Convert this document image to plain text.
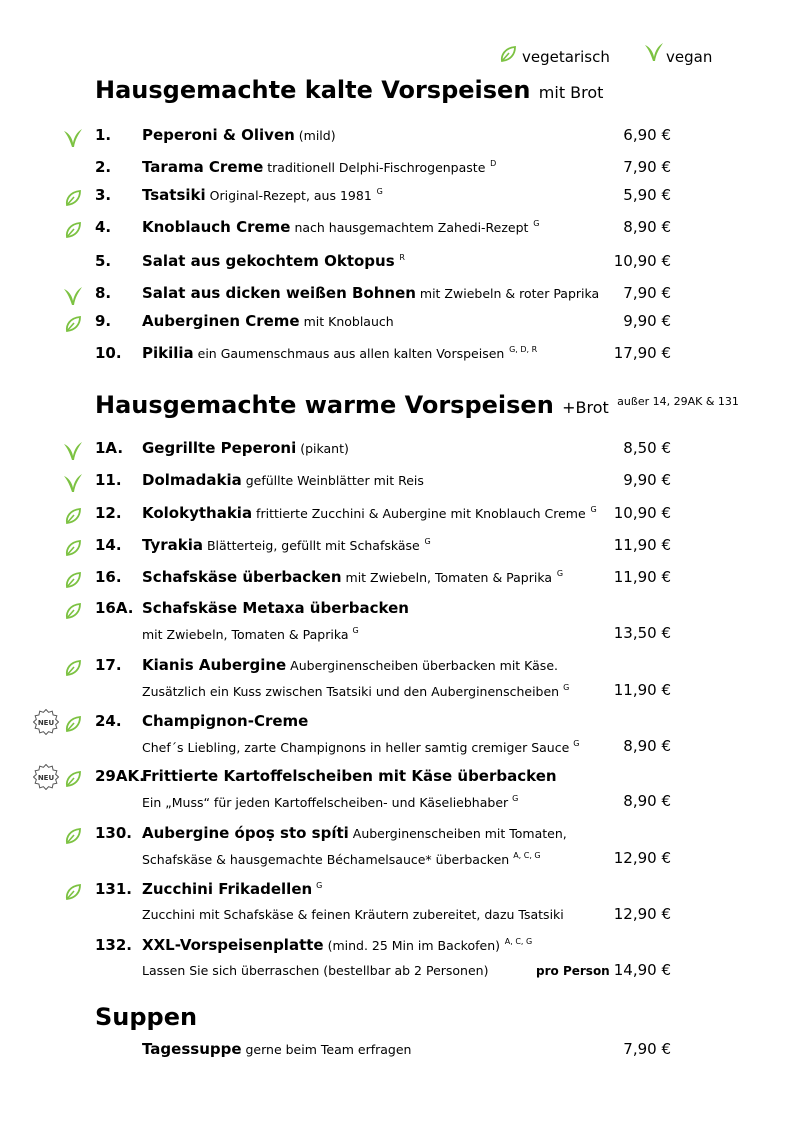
vegetarisch	vegan
Hausgemachte kalte Vorspeisen mit Brot
Hausgemachte warme Vorspeisen +Brot $^{außer 14, 29AK \& 131}$
Suppen
1. Peperoni & Oliven (mild)	6,90 €
2. Tarama Creme traditionell Delphi-Fischrogenpaste $^D$	7,90 €
3. Tsatsiki Original-Rezept, aus 1981 $^G$	5,90 €
4. Knoblauch Creme nach hausgemachtem Zahedi-Rezept $^G$	8,90 €
5. Salat aus gekochtem Oktopus $^R$	10,90 €
8. Salat aus dicken weißen Bohnen mit Zwiebeln & roter Paprika 7,90 €
9. Auberginen Creme mit Knoblauch	9,90 €
10. Pikilia ein Gaumenschmaus aus allen kalten Vorspeisen $^{G, D, R}$	17,90 €
1A. Gegrillte Peperoni (pikant)	8,50 €
11. Dolmadakia gefüllte Weinblätter mit Reis	9,90 €
12. Kolokythakia frittierte Zucchini & Aubergine mit Knoblauch Creme $^G$ 10,90 €
14. Tyrakia Blätterteig, gefüllt mit Schafskäse $^G$	11,90 €
16. Schafskäse überbacken mit Zwiebeln, Tomaten & Paprika $^G$	11,90 €
16A. Schafskäse Metaxa überbacken
mit Zwiebeln, Tomaten & Paprika $^G$	13,50 €
17. Kianis Aubergine Auberginenscheiben überbacken mit Käse.
Zusätzlich ein Kuss zwischen Tsatsiki und den Auberginenscheiben $^G$	11,90 €
NEU	24. Champignon-Creme
Chef´s Liebling, zarte Champignons in heller samtig cremiger Sauce $^G$	8,90 €
NEU	29AK.
Frittierte Kartoffelscheiben mit Käse überbacken
Ein „Muss“ für jeden Kartoffelscheiben- und Käseliebhaber $^G$	8,90 €
130. Aubergine ópoṣ sto spíti Auberginenscheiben mit Tomaten,
Schafskäse & hausgemachte Béchamelsauce* überbacken $^{A, C, G}$	12,90 €
131. Zucchini Frikadellen $^G$
Zucchini mit Schafskäse & feinen Kräutern zubereitet, dazu Tsatsiki	12,90 €
132. XXL-Vorspeisenplatte (mind. 25 Min im Backofen) $^{A, C, G}$
Lassen Sie sich überraschen (bestellbar ab 2 Personen)	pro Person 14,90 €
Tagessuppe gerne beim Team erfragen	7,90 €
